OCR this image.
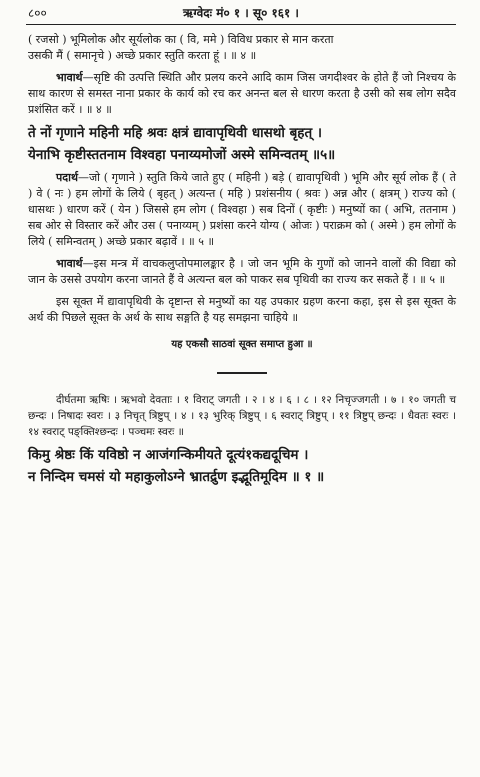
८००	ऋग्वेदः मं० १ । सू० १६१ ।

( रजसो ) भूमिलोक और सूर्यलोक का ( वि, ममे ) विविध प्रकार से मान करता
उसकी मैं ( समानृचे ) अच्छे प्रकार स्तुति करता हूं । ॥ ४ ॥

भावार्थ—सृष्टि की उत्पत्ति स्थिति और प्रलय करने आदि काम जिस जगदीश्वर के होते हैं जो निश्चय के साथ कारण से समस्त नाना प्रकार के कार्य को रच कर अनन्त बल से धारण करता है उसी को सब लोग सदैव प्रशंसित करें । ॥ ४ ॥

ते नों गृणाने महिनी महि श्रवः क्षत्रं द्यावापृथिवी धासथो बृहत् ।
येनाभि कृष्टीस्ततनाम विश्वहा पनाय्यमोजों अस्मे समिन्वतम् ॥५॥

पदार्थ—जो ( गृणाने ) स्तुति किये जाते हुए ( महिनी ) बड़े ( द्यावापृथिवी ) भूमि और सूर्य लोक हैं ( ते ) वे ( नः ) हम लोगों के लिये ( बृहत् ) अत्यन्त ( महि ) प्रशंसनीय ( श्रवः ) अन्न और ( क्षत्रम् ) राज्य को ( धासथः ) धारण करें ( येन ) जिससे हम लोग ( विश्वहा ) सब दिनों ( कृष्टीः ) मनुष्यों का ( अभि, ततनाम ) सब ओर से विस्तार करें और उस ( पनाय्यम् ) प्रशंसा करने योग्य ( ओजः ) पराक्रम को ( अस्मे ) हम लोगों के लिये ( समिन्वतम् ) अच्छे प्रकार बढ़ावें । ॥ ५ ॥

भावार्थ—इस मन्त्र में वाचकलुप्तोपमालङ्कार है । जो जन भूमि के गुणों को जानने वालों की विद्या को जान के उससे उपयोग करना जानते हैं वे अत्यन्त बल को पाकर सब पृथिवी का राज्य कर सकते हैं । ॥ ५ ॥

इस सूक्त में द्यावापृथिवी के दृष्टान्त से मनुष्यों का यह उपकार ग्रहण करना कहा, इस से इस सूक्त के अर्थ की पिछले सूक्त के अर्थ के साथ सङ्गति है यह समझना चाहिये ॥

यह एकसौ साठवां सूक्त समाप्त हुआ ॥

दीर्घतमा ऋषिः । ऋभवो देवताः । १ विराट् जगती । २ । ४ । ६ । ८ । १२ निचृज्जगती । ७ । १० जगती च छन्दः । निषादः स्वरः । ३ निचृत् त्रिष्टुप् । ४ । १३ भुरिक् त्रिष्टुप् । ६ स्वराट् त्रिष्टुप् । ११ त्रिष्टुप् छन्दः । धैवतः स्वरः । १४ स्वराट् पङ्क्तिश्छन्दः । पञ्चमः स्वरः ॥

किमु श्रेष्ठः किं यविष्ठो न आजंगन्किमीयते दूत्यं१कद्यदूचिम ।
न निन्दिम चमसं यो महाकुलोऽग्ने भ्रातर्द्रुण इद्भूतिमूदिम ॥ १ ॥
